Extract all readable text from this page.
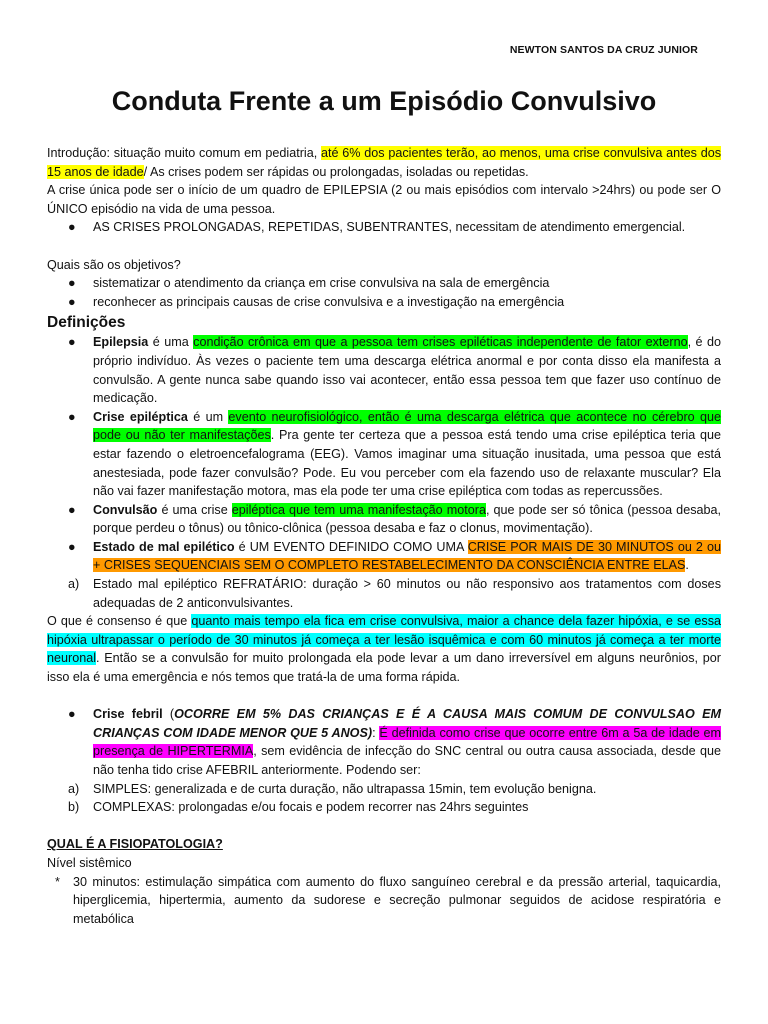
NEWTON SANTOS DA CRUZ JUNIOR
Conduta Frente a um Episódio Convulsivo

Introdução: situação muito comum em pediatria, até 6% dos pacientes terão, ao menos, uma crise convulsiva antes dos 15 anos de idade/ As crises podem ser rápidas ou prolongadas, isoladas ou repetidas.

A crise única pode ser o início de um quadro de EPILEPSIA (2 ou mais episódios com intervalo >24hrs) ou pode ser O ÚNICO episódio na vida de uma pessoa.

● AS CRISES PROLONGADAS, REPETIDAS, SUBENTRANTES, necessitam de atendimento emergencial.

Quais são os objetivos?

● sistematizar o atendimento da criança em crise convulsiva na sala de emergência
● reconhecer as principais causas de crise convulsiva e a investigação na emergência
Definições
● Epilepsia é uma condição crônica em que a pessoa tem crises epiléticas independente de fator externo, é do próprio indivíduo. Às vezes o paciente tem uma descarga elétrica anormal e por conta disso ela manifesta a convulsão. A gente nunca sabe quando isso vai acontecer, então essa pessoa tem que fazer uso contínuo de medicação.
● Crise epiléptica é um evento neurofisiológico, então é uma descarga elétrica que acontece no cérebro que pode ou não ter manifestações. Pra gente ter certeza que a pessoa está tendo uma crise epiléptica teria que estar fazendo o eletroencefalograma (EEG). Vamos imaginar uma situação inusitada, uma pessoa que está anestesiada, pode fazer convulsão? Pode. Eu vou perceber com ela fazendo uso de relaxante muscular? Ela não vai fazer manifestação motora, mas ela pode ter uma crise epiléptica com todas as repercussões.
● Convulsão é uma crise epiléptica que tem uma manifestação motora, que pode ser só tônica (pessoa desaba, porque perdeu o tônus) ou tônico-clônica (pessoa desaba e faz o clonus, movimentação).
● Estado de mal epilético é UM EVENTO DEFINIDO COMO UMA CRISE POR MAIS DE 30 MINUTOS ou 2 ou + CRISES SEQUENCIAIS SEM O COMPLETO RESTABELECIMENTO DA CONSCIÊNCIA ENTRE ELAS.
a) Estado mal epiléptico REFRATÁRIO: duração > 60 minutos ou não responsivo aos tratamentos com doses adequadas de 2 anticonvulsivantes.

O que é consenso é que quanto mais tempo ela fica em crise convulsiva, maior a chance dela fazer hipóxia, e se essa hipóxia ultrapassar o período de 30 minutos já começa a ter lesão isquêmica e com 60 minutos já começa a ter morte neuronal. Então se a convulsão for muito prolongada ela pode levar a um dano irreversível em alguns neurônios, por isso ela é uma emergência e nós temos que tratá-la de uma forma rápida.

● Crise febril (OCORRE EM 5% DAS CRIANÇAS E É A CAUSA MAIS COMUM DE CONVULSAO EM CRIANÇAS COM IDADE MENOR QUE 5 ANOS): É definida como crise que ocorre entre 6m a 5a de idade em presença de HIPERTERMIA, sem evidência de infecção do SNC central ou outra causa associada, desde que não tenha tido crise AFEBRIL anteriormente. Podendo ser:
a) SIMPLES: generalizada e de curta duração, não ultrapassa 15min, tem evolução benigna.
b) COMPLEXAS: prolongadas e/ou focais e podem recorrer nas 24hrs seguintes

QUAL É A FISIOPATOLOGIA?

Nível sistêmico

* 30 minutos: estimulação simpática com aumento do fluxo sanguíneo cerebral e da pressão arterial, taquicardia, hiperglicemia, hipertermia, aumento da sudorese e secreção pulmonar seguidos de acidose respiratória e metabólica
